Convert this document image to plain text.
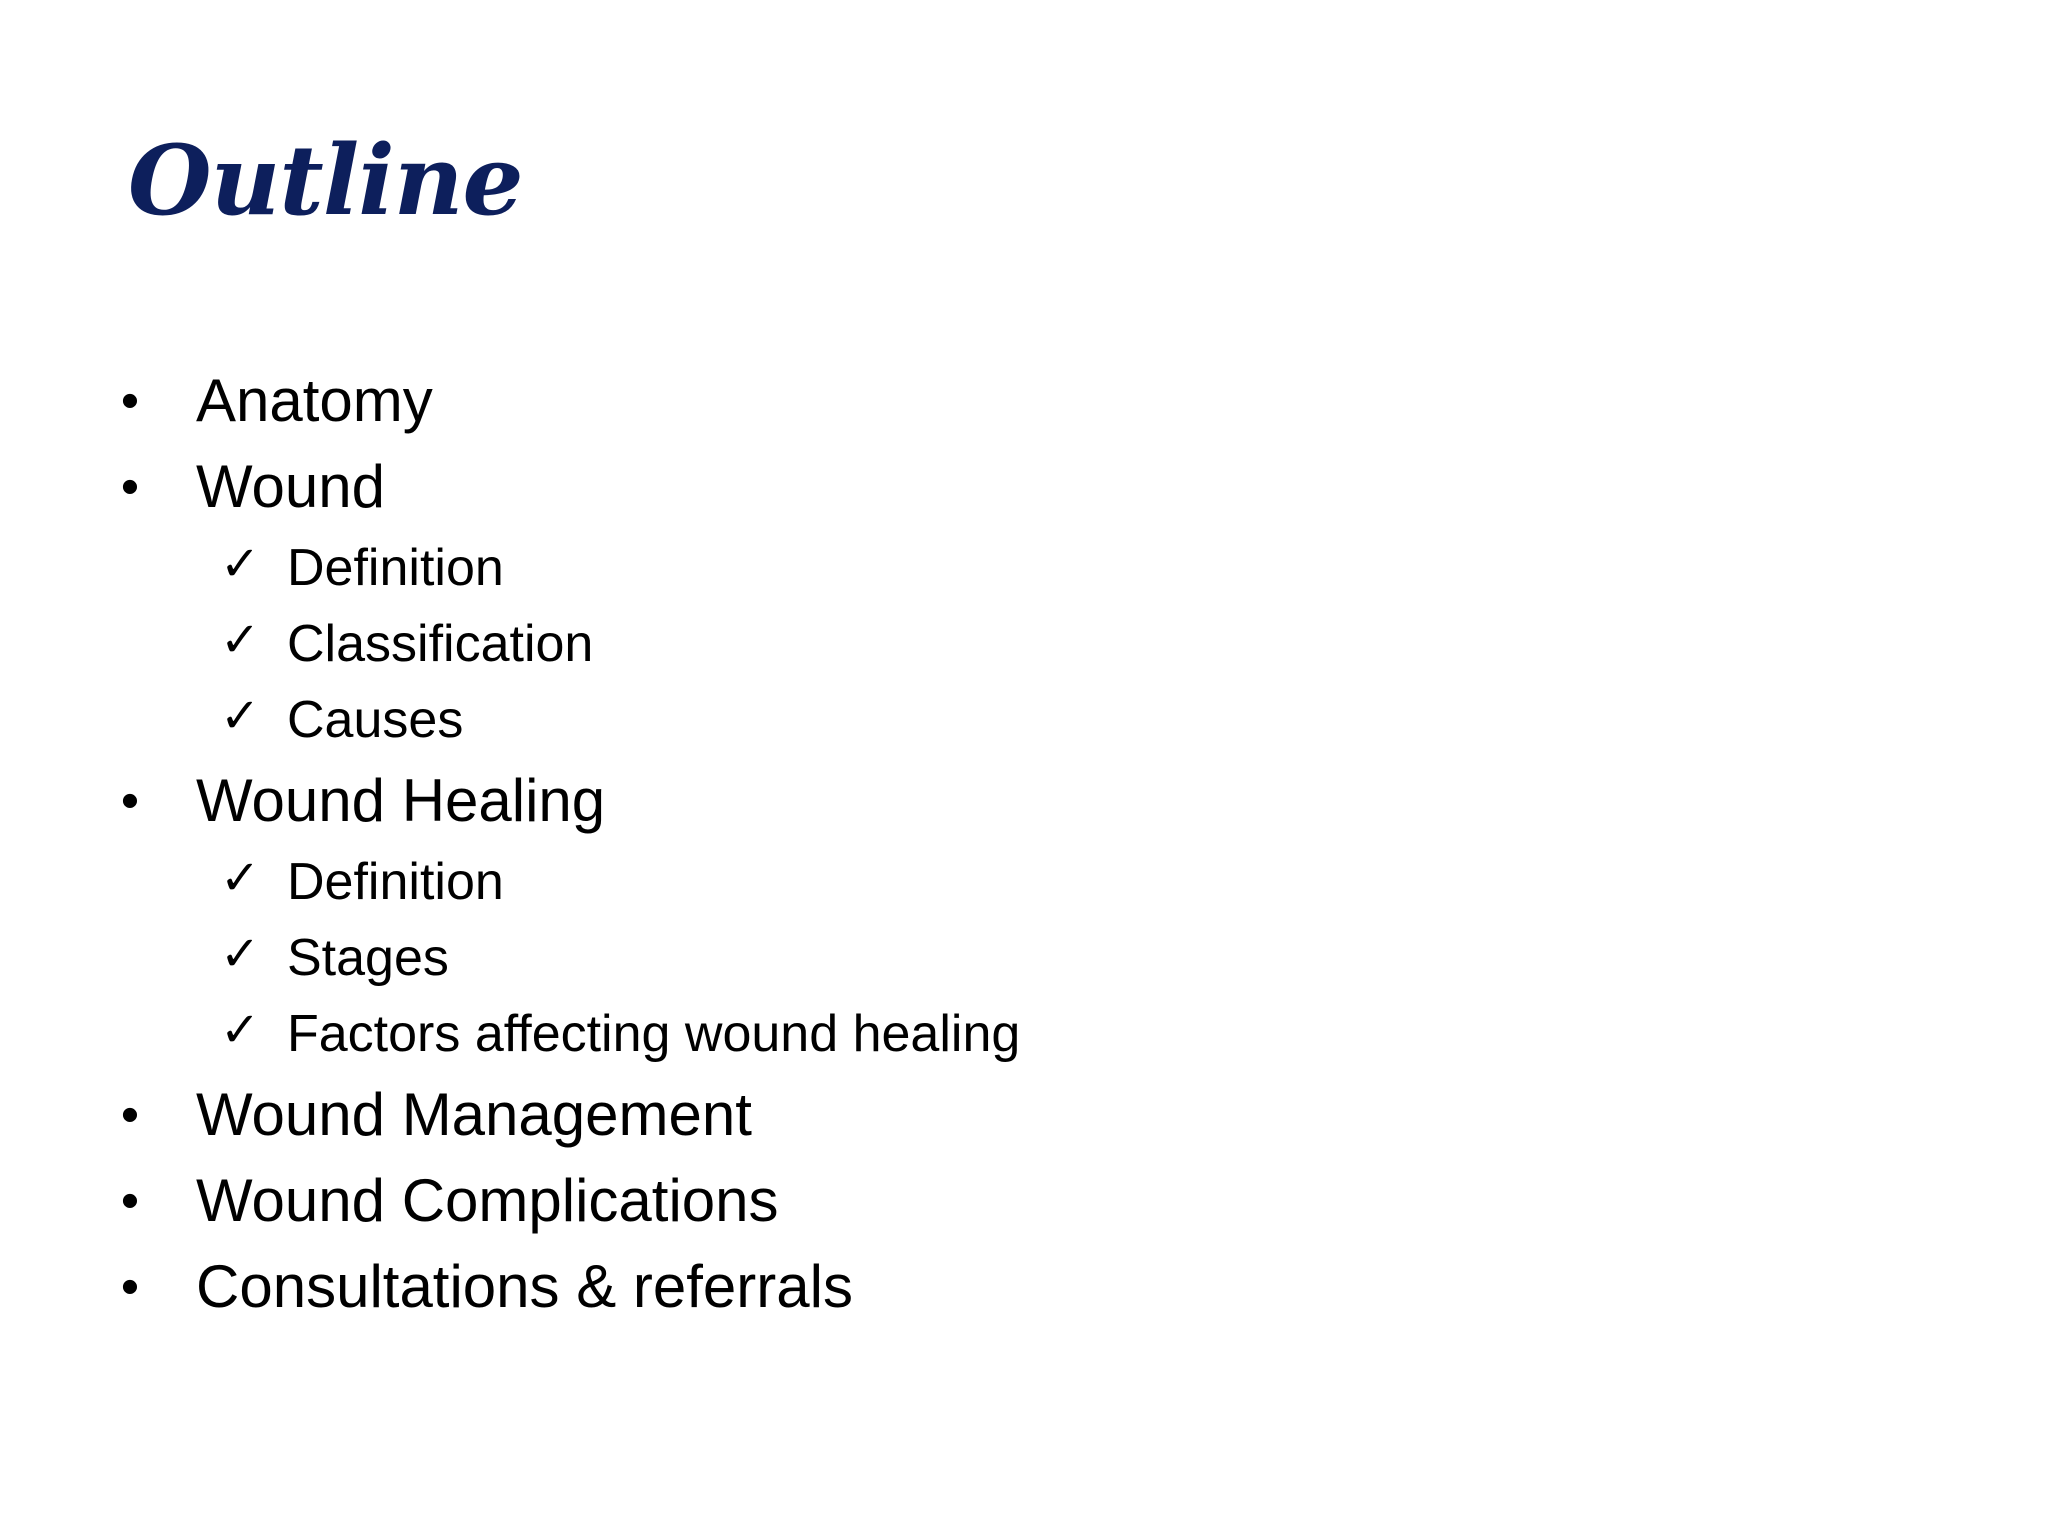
Outline
• Anatomy
• Wound
✓ Definition
✓ Classification
✓ Causes
• Wound Healing
✓ Definition
✓ Stages
✓ Factors affecting wound healing
• Wound Management
• Wound Complications
• Consultations & referrals
